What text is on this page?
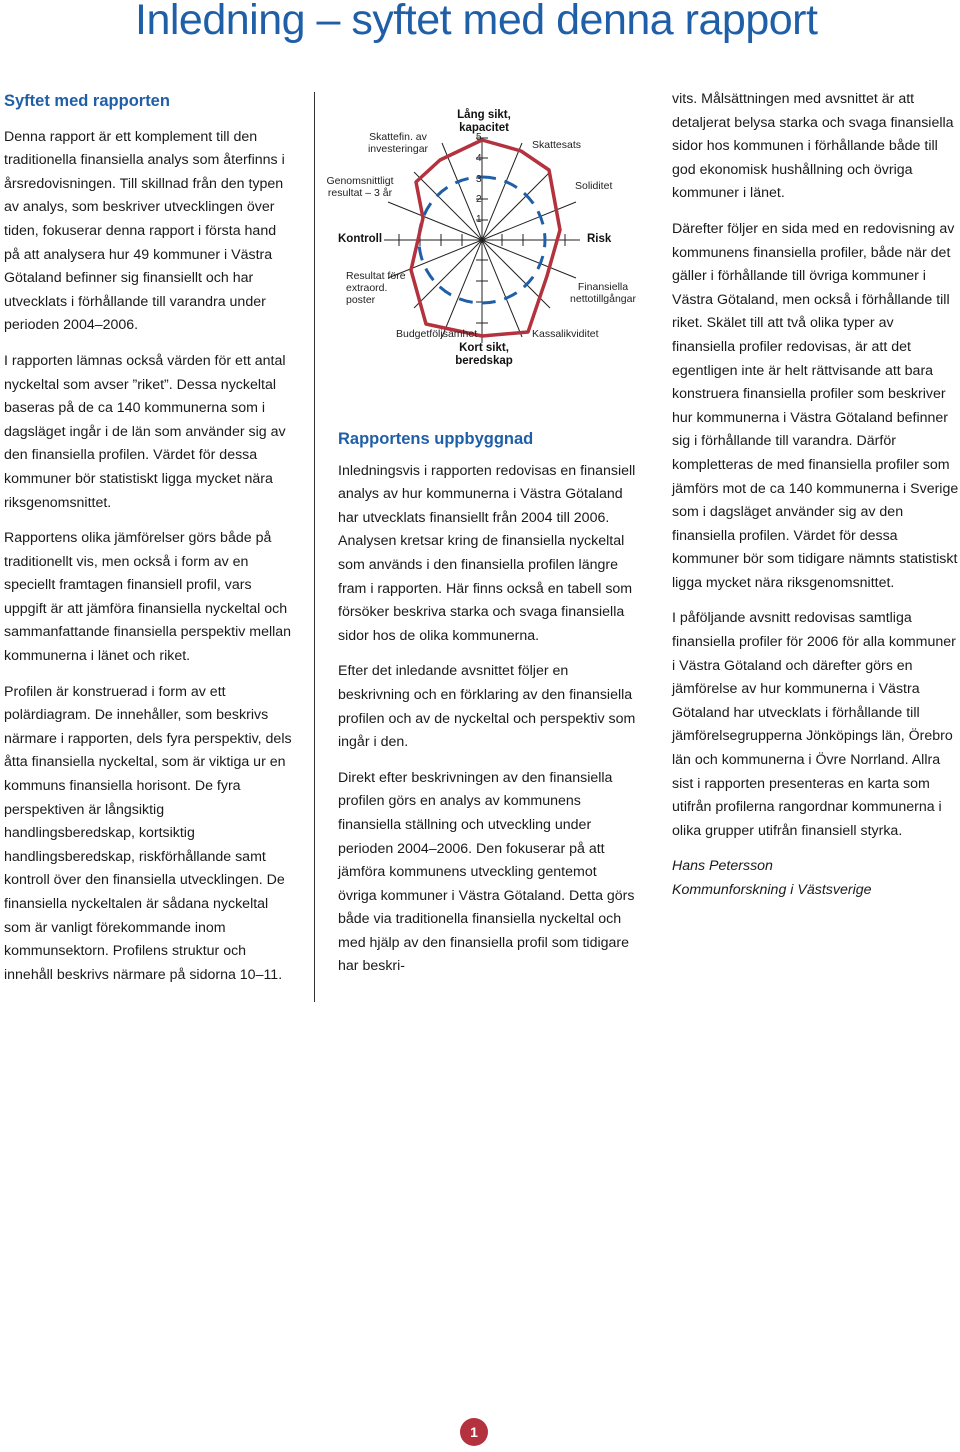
Inledning – syftet med denna rapport

Syftet med rapporten

Denna rapport är ett komplement till den traditionella finansiella analys som återfinns i årsredovisningen. Till skillnad från den typen av analys, som beskriver utvecklingen över tiden, fokuserar denna rapport i första hand på att analysera hur 49 kommuner i Västra Götaland befinner sig finansiellt och har utvecklats i förhållande till varandra under perioden 2004–2006.

I rapporten lämnas också värden för ett antal nyckeltal som avser ”riket”. Dessa nyckeltal baseras på de ca 140 kommunerna som i dagsläget ingår i de län som använder sig av den finansiella profilen. Värdet för dessa kommuner bör statistiskt ligga mycket nära riksgenomsnittet.

Rapportens olika jämförelser görs både på traditionellt vis, men också i form av en speciellt framtagen finansiell profil, vars uppgift är att jämföra finansiella nyckeltal och sammanfattande finansiella perspektiv mellan kommunerna i länet och riket.

Profilen är konstruerad i form av ett polärdiagram. De innehåller, som beskrivs närmare i rapporten, dels fyra perspektiv, dels åtta finansiella nyckeltal, som är viktiga ur en kommuns finansiella horisont. De fyra perspektiven är långsiktig handlingsberedskap, kortsiktig handlingsberedskap, riskförhållande samt kontroll över den finansiella utvecklingen. De finansiella nyckeltalen är sådana nyckeltal som är vanligt förekommande inom kommunsektorn. Profilens struktur och innehåll beskrivs närmare på sidorna 10–11.

5
4
3
2
1
Lång sikt, kapacitet
Kort sikt, beredskap
Kontroll	Risk
Skattefin. av investeringar	Skattesats
Soliditet
Genomsnittligt resultat – 3 år
Resultat före extraord. poster
Finansiella nettotillgångar
Budgetföljsamhet	Kassalikviditet

Rapportens uppbyggnad

Inledningsvis i rapporten redovisas en finansiell analys av hur kommunerna i Västra Götaland har utvecklats finansiellt från 2004 till 2006. Analysen kretsar kring de finansiella nyckeltal som används i den finansiella profilen längre fram i rapporten. Här finns också en tabell som försöker beskriva starka och svaga finansiella sidor hos de olika kommunerna.

Efter det inledande avsnittet följer en beskrivning och en förklaring av den finansiella profilen och av de nyckeltal och perspektiv som ingår i den.

Direkt efter beskrivningen av den finansiella profilen görs en analys av kommunens finansiella ställning och utveckling under perioden 2004–2006. Den fokuserar på att jämföra kommunens utveckling gentemot övriga kommuner i Västra Götaland. Detta görs både via traditionella finansiella nyckeltal och med hjälp av den finansiella profil som tidigare har beskri-

vits. Målsättningen med avsnittet är att detaljerat belysa starka och svaga finansiella sidor hos kommunen i förhållande både till god ekonomisk hushållning och övriga kommuner i länet.

Därefter följer en sida med en redovisning av kommunens finansiella profiler, både när det gäller i förhållande till övriga kommuner i Västra Götaland, men också i förhållande till riket. Skälet till att två olika typer av finansiella profiler redovisas, är att det egentligen inte är helt rättvisande att bara konstruera finansiella profiler som beskriver hur kommunerna i Västra Götaland befinner sig i förhållande till varandra. Därför kompletteras de med finansiella profiler som jämförs mot de ca 140 kommunerna i Sverige som i dagsläget använder sig av den finansiella profilen. Värdet för dessa kommuner bör som tidigare nämnts statistiskt ligga mycket nära riksgenomsnittet.

I påföljande avsnitt redovisas samtliga finansiella profiler för 2006 för alla kommuner i Västra Götaland och därefter görs en jämförelse av hur kommunerna i Västra Götaland har utvecklats i förhållande till jämförelsegrupperna Jönköpings län, Örebro län och kommunerna i Övre Norrland. Allra sist i rapporten presenteras en karta som utifrån profilerna rangordnar kommunerna i olika grupper utifrån finansiell styrka.

Hans Petersson

Kommunforskning i Västsverige

1
